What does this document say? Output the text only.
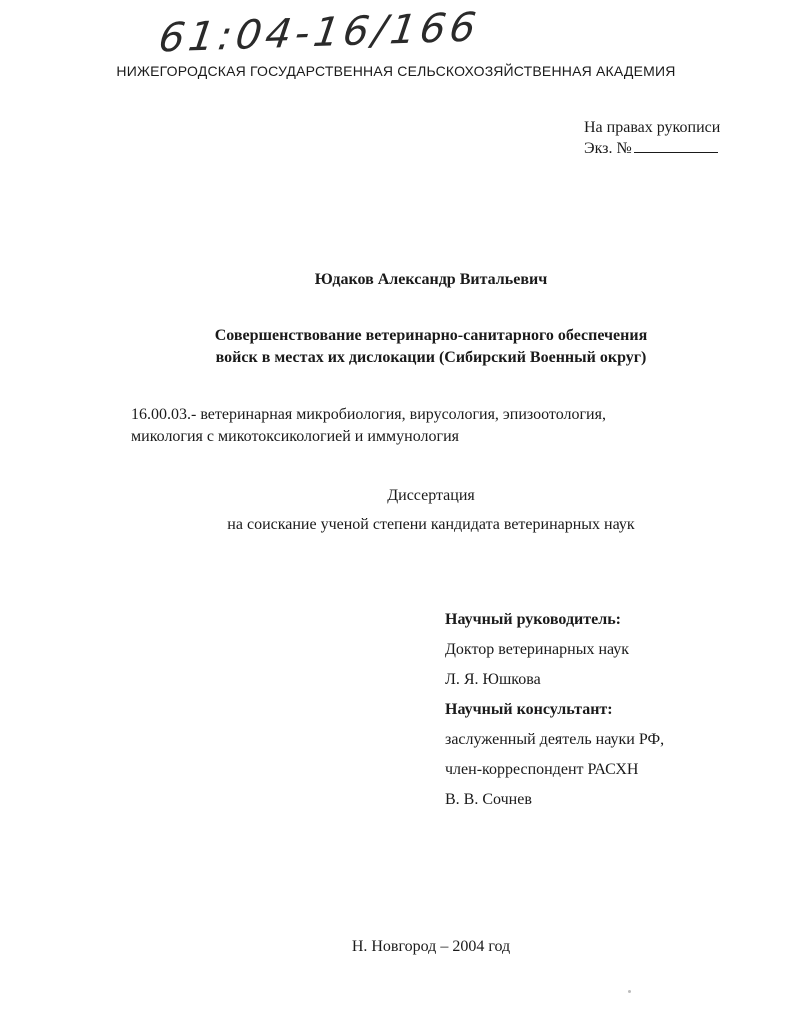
61:04-16/166
НИЖЕГОРОДСКАЯ ГОСУДАРСТВЕННАЯ СЕЛЬСКОХОЗЯЙСТВЕННАЯ АКАДЕМИЯ
На правах рукописи
Экз. №
Юдаков Александр Витальевич
Совершенствование ветеринарно-санитарного обеспечения
войск в местах их дислокации (Сибирский Военный округ)
16.00.03.- ветеринарная микробиология, вирусология, эпизоотология,
микология с микотоксикологией и иммунология
Диссертация
на соискание ученой степени кандидата ветеринарных наук
Научный руководитель:
Доктор ветеринарных наук
Л. Я. Юшкова
Научный консультант:
заслуженный деятель науки РФ,
член-корреспондент РАСХН
В. В. Сочнев
Н. Новгород – 2004 год
